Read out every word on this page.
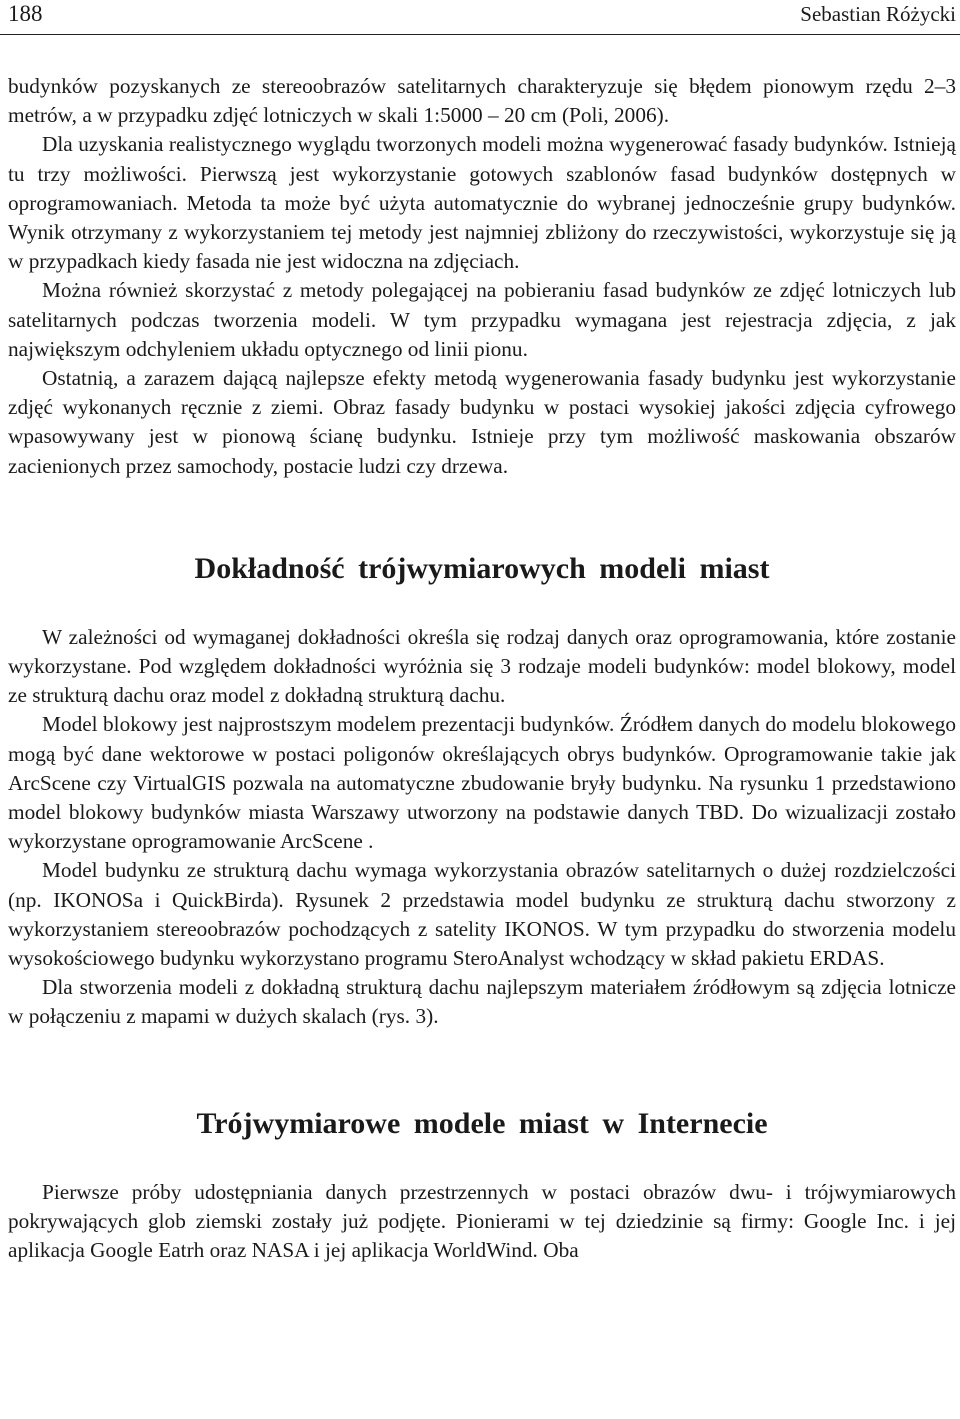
188	Sebastian Różycki

budynków pozyskanych ze stereoobrazów satelitarnych charakteryzuje się błędem pionowym rzędu 2–3 metrów, a w przypadku zdjęć lotniczych w skali 1:5000 – 20 cm (Poli, 2006).

Dla uzyskania realistycznego wyglądu tworzonych modeli można wygenerować fasady budynków. Istnieją tu trzy możliwości. Pierwszą jest wykorzystanie gotowych szablonów fasad budynków dostępnych w oprogramowaniach. Metoda ta może być użyta automatycznie do wybranej jednocześnie grupy budynków. Wynik otrzymany z wykorzystaniem tej metody jest najmniej zbliżony do rzeczywistości, wykorzystuje się ją w przypadkach kiedy fasada nie jest widoczna na zdjęciach.

Można również skorzystać z metody polegającej na pobieraniu fasad budynków ze zdjęć lotniczych lub satelitarnych podczas tworzenia modeli. W tym przypadku wymagana jest rejestracja zdjęcia, z jak największym odchyleniem układu optycznego od linii pionu.

Ostatnią, a zarazem dającą najlepsze efekty metodą wygenerowania fasady budynku jest wykorzystanie zdjęć wykonanych ręcznie z ziemi. Obraz fasady budynku w postaci wysokiej jakości zdjęcia cyfrowego wpasowywany jest w pionową ścianę budynku. Istnieje przy tym możliwość maskowania obszarów zacienionych przez samochody, postacie ludzi czy drzewa.

Dokładność trójwymiarowych modeli miast

W zależności od wymaganej dokładności określa się rodzaj danych oraz oprogramowania, które zostanie wykorzystane. Pod względem dokładności wyróżnia się 3 rodzaje modeli budynków: model blokowy, model ze strukturą dachu oraz model z dokładną strukturą dachu.

Model blokowy jest najprostszym modelem prezentacji budynków. Źródłem danych do modelu blokowego mogą być dane wektorowe w postaci poligonów określających obrys budynków. Oprogramowanie takie jak ArcScene czy VirtualGIS pozwala na automatyczne zbudowanie bryły budynku. Na rysunku 1 przedstawiono model blokowy budynków miasta Warszawy utworzony na podstawie danych TBD. Do wizualizacji zostało wykorzystane oprogramowanie ArcScene .

Model budynku ze strukturą dachu wymaga wykorzystania obrazów satelitarnych o dużej rozdzielczości (np. IKONOSa i QuickBirda). Rysunek 2 przedstawia model budynku ze strukturą dachu stworzony z wykorzystaniem stereoobrazów pochodzących z satelity IKONOS. W tym przypadku do stworzenia modelu wysokościowego budynku wykorzystano programu SteroAnalyst wchodzący w skład pakietu ERDAS.

Dla stworzenia modeli z dokładną strukturą dachu najlepszym materiałem źródłowym są zdjęcia lotnicze w połączeniu z mapami w dużych skalach (rys. 3).

Trójwymiarowe modele miast w Internecie

Pierwsze próby udostępniania danych przestrzennych w postaci obrazów dwu- i trójwymiarowych pokrywających glob ziemski zostały już podjęte. Pionierami w tej dziedzinie są firmy: Google Inc. i jej aplikacja Google Eatrh oraz NASA i jej aplikacja WorldWind. Oba
